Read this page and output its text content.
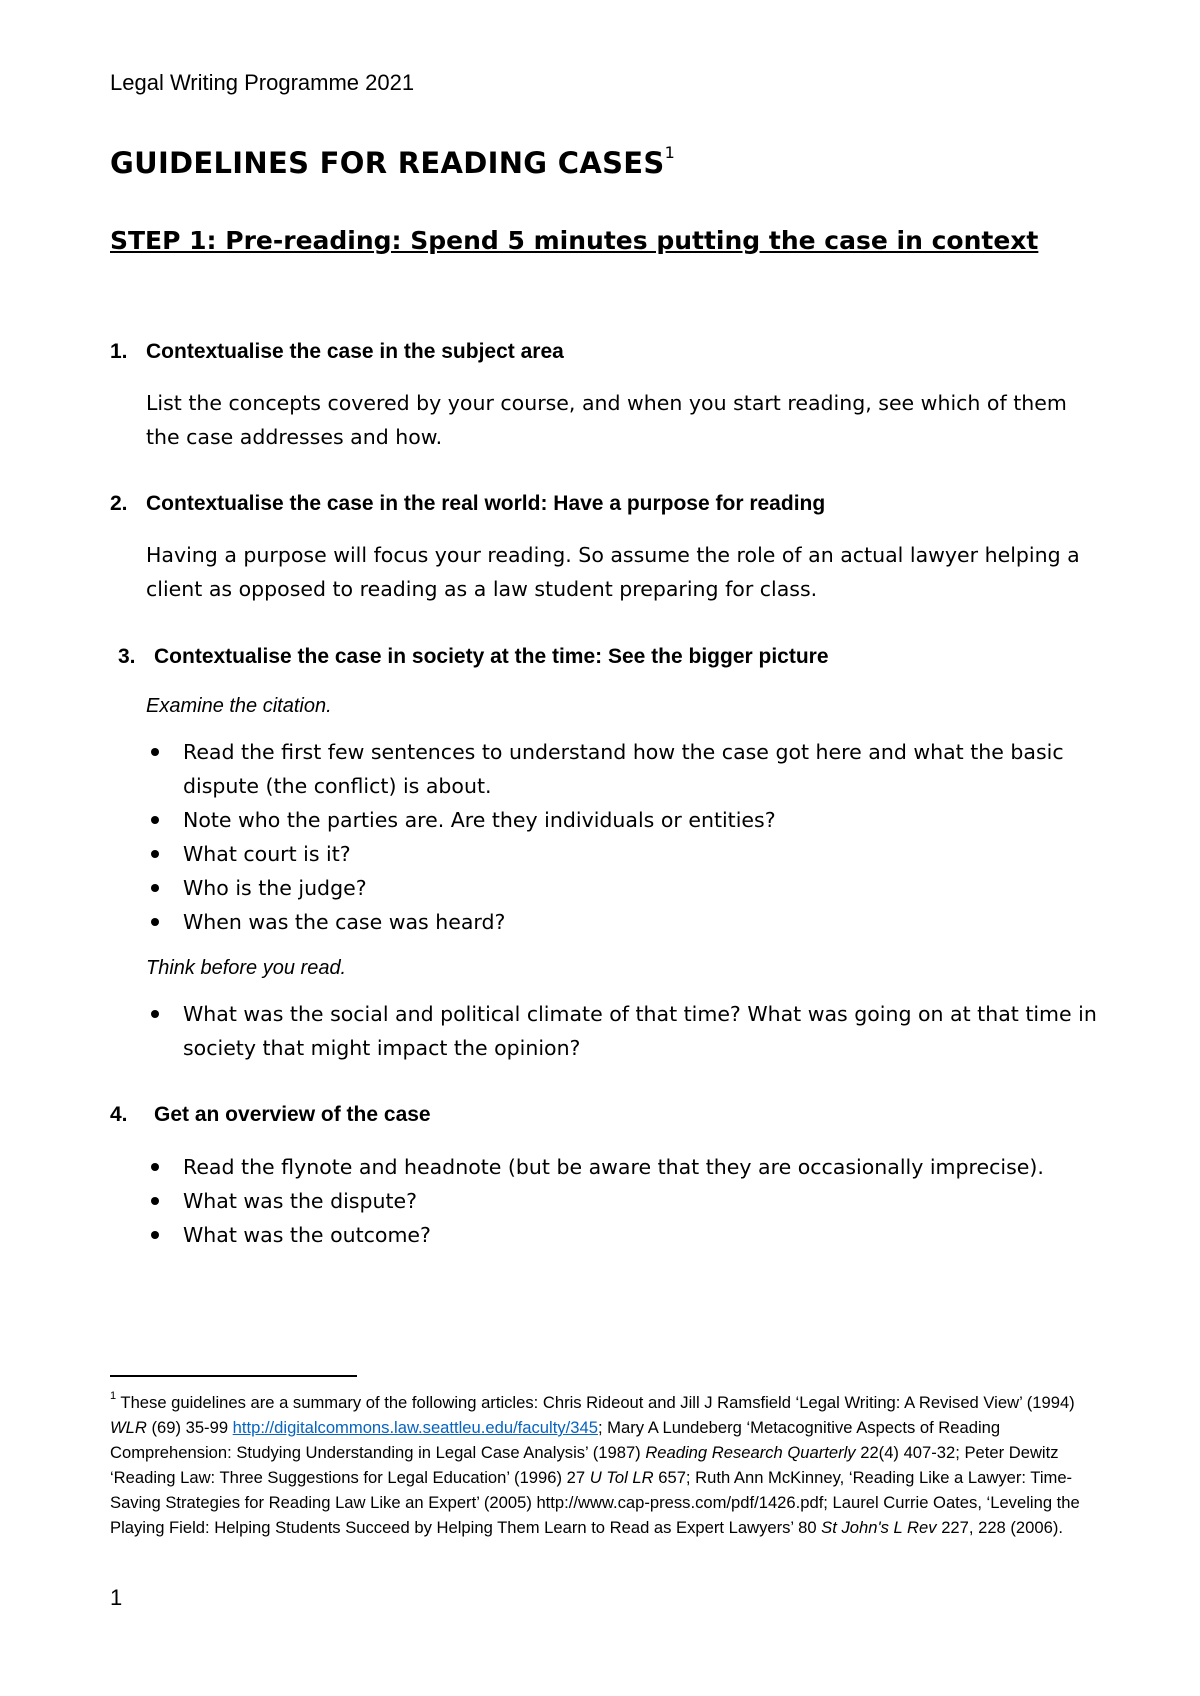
Legal Writing Programme 2021
GUIDELINES FOR READING CASES$^1$
STEP 1: Pre-reading: Spend 5 minutes putting the case in context
1. Contextualise the case in the subject area

List the concepts covered by your course, and when you start reading, see which of them the case addresses and how.

2. Contextualise the case in the real world: Have a purpose for reading

Having a purpose will focus your reading. So assume the role of an actual lawyer helping a client as opposed to reading as a law student preparing for class.

3. Contextualise the case in society at the time: See the bigger picture

Examine the citation.

Read the first few sentences to understand how the case got here and what the basic dispute (the conflict) is about.
Note who the parties are. Are they individuals or entities?
What court is it?
Who is the judge?
When was the case was heard?

Think before you read.

What was the social and political climate of that time? What was going on at that time in society that might impact the opinion?
4. Get an overview of the case
Read the flynote and headnote (but be aware that they are occasionally imprecise).
What was the dispute?
What was the outcome?

$^1$ These guidelines are a summary of the following articles: Chris Rideout and Jill J Ramsfield ‘Legal Writing: A Revised View’ (1994) WLR (69) 35-99 http://digitalcommons.law.seattleu.edu/faculty/345; Mary A Lundeberg ‘Metacognitive Aspects of Reading Comprehension: Studying Understanding in Legal Case Analysis’ (1987) Reading Research Quarterly 22(4) 407-32; Peter Dewitz ‘Reading Law: Three Suggestions for Legal Education’ (1996) 27 U Tol LR 657; Ruth Ann McKinney, ‘Reading Like a Lawyer: Time-Saving Strategies for Reading Law Like an Expert’ (2005) http://www.cap-press.com/pdf/1426.pdf; Laurel Currie Oates, ‘Leveling the Playing Field: Helping Students Succeed by Helping Them Learn to Read as Expert Lawyers’ 80 St John's L Rev 227, 228 (2006).

1
